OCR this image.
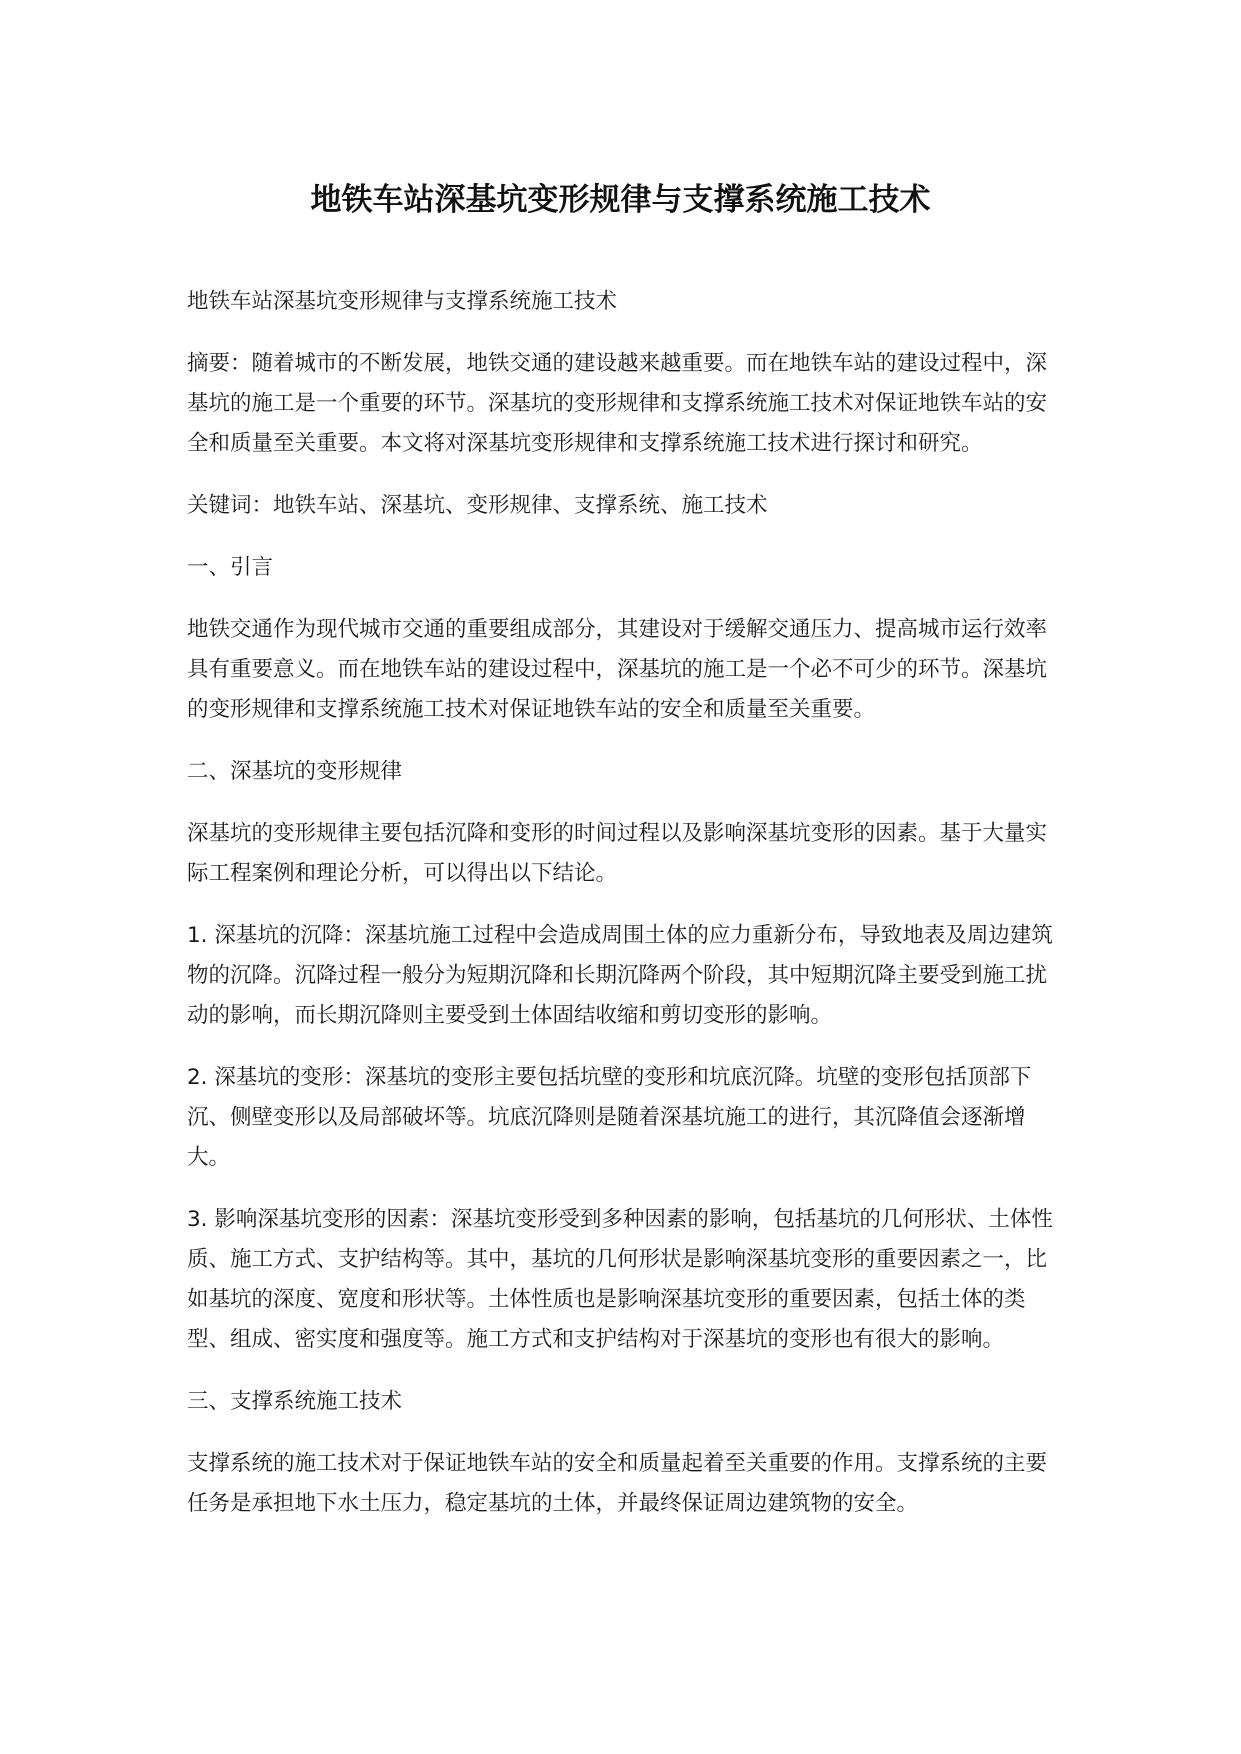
地铁车站深基坑变形规律与支撑系统施工技术

地铁车站深基坑变形规律与支撑系统施工技术

摘要：随着城市的不断发展，地铁交通的建设越来越重要。而在地铁车站的建设过程中，深基坑的施工是一个重要的环节。深基坑的变形规律和支撑系统施工技术对保证地铁车站的安全和质量至关重要。本文将对深基坑变形规律和支撑系统施工技术进行探讨和研究。

关键词：地铁车站、深基坑、变形规律、支撑系统、施工技术

一、引言

地铁交通作为现代城市交通的重要组成部分，其建设对于缓解交通压力、提高城市运行效率具有重要意义。而在地铁车站的建设过程中，深基坑的施工是一个必不可少的环节。深基坑的变形规律和支撑系统施工技术对保证地铁车站的安全和质量至关重要。

二、深基坑的变形规律

深基坑的变形规律主要包括沉降和变形的时间过程以及影响深基坑变形的因素。基于大量实际工程案例和理论分析，可以得出以下结论。

1. 深基坑的沉降：深基坑施工过程中会造成周围土体的应力重新分布，导致地表及周边建筑物的沉降。沉降过程一般分为短期沉降和长期沉降两个阶段，其中短期沉降主要受到施工扰动的影响，而长期沉降则主要受到土体固结收缩和剪切变形的影响。

2. 深基坑的变形：深基坑的变形主要包括坑壁的变形和坑底沉降。坑壁的变形包括顶部下沉、侧壁变形以及局部破坏等。坑底沉降则是随着深基坑施工的进行，其沉降值会逐渐增大。

3. 影响深基坑变形的因素：深基坑变形受到多种因素的影响，包括基坑的几何形状、土体性质、施工方式、支护结构等。其中，基坑的几何形状是影响深基坑变形的重要因素之一，比如基坑的深度、宽度和形状等。土体性质也是影响深基坑变形的重要因素，包括土体的类型、组成、密实度和强度等。施工方式和支护结构对于深基坑的变形也有很大的影响。

三、支撑系统施工技术

支撑系统的施工技术对于保证地铁车站的安全和质量起着至关重要的作用。支撑系统的主要任务是承担地下水土压力，稳定基坑的土体，并最终保证周边建筑物的安全。
